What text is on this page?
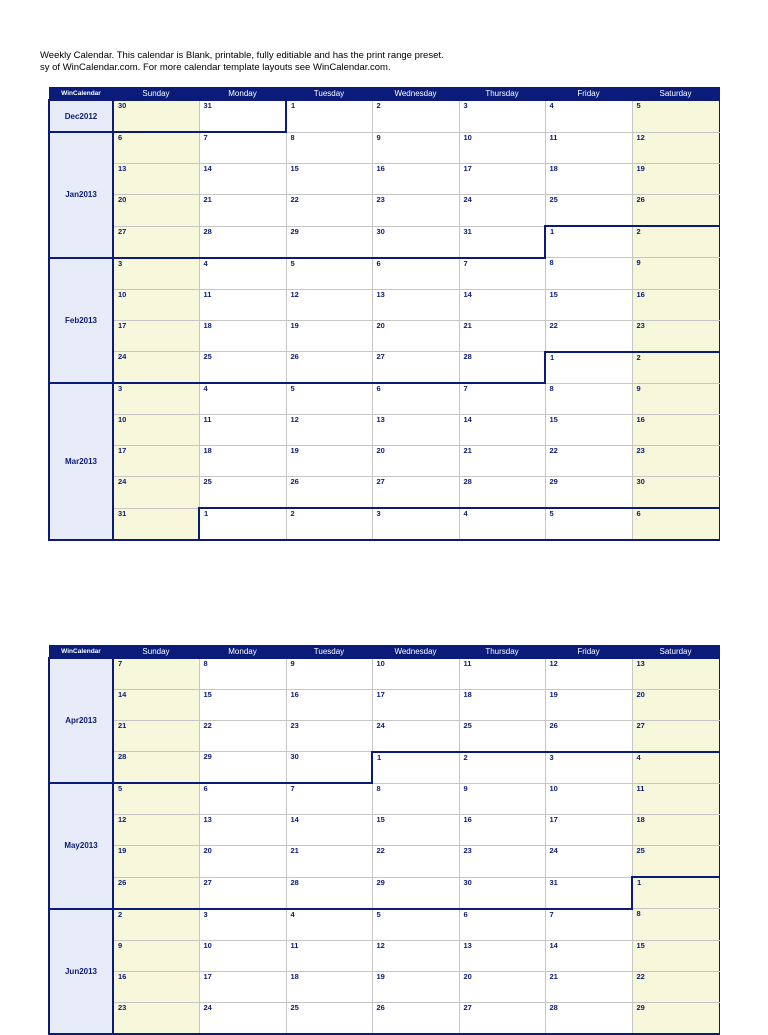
Weekly Calendar. This calendar is Blank, printable, fully editiable and has the print range preset.
sy of WinCalendar.com. For more calendar template layouts see WinCalendar.com.
WinCalendar	Sunday	Monday	Tuesday	Wednesday	Thursday	Friday	Saturday
Dec2012	30	31	1	2	3	4	5
Jan2013	6	7	8	9	10	11	12
	13	14	15	16	17	18	19
	20	21	22	23	24	25	26
	27	28	29	30	31	1	2
Feb2013	3	4	5	6	7	8	9
	10	11	12	13	14	15	16
	17	18	19	20	21	22	23
	24	25	26	27	28	1	2
Mar2013	3	4	5	6	7	8	9
	10	11	12	13	14	15	16
	17	18	19	20	21	22	23
	24	25	26	27	28	29	30
	31	1	2	3	4	5	6
WinCalendar	Sunday	Monday	Tuesday	Wednesday	Thursday	Friday	Saturday
Apr2013	7	8	9	10	11	12	13
	14	15	16	17	18	19	20
	21	22	23	24	25	26	27
	28	29	30	1	2	3	4
May2013	5	6	7	8	9	10	11
	12	13	14	15	16	17	18
	19	20	21	22	23	24	25
	26	27	28	29	30	31	1
Jun2013	2	3	4	5	6	7	8
	9	10	11	12	13	14	15
	16	17	18	19	20	21	22
	23	24	25	26	27	28	29
